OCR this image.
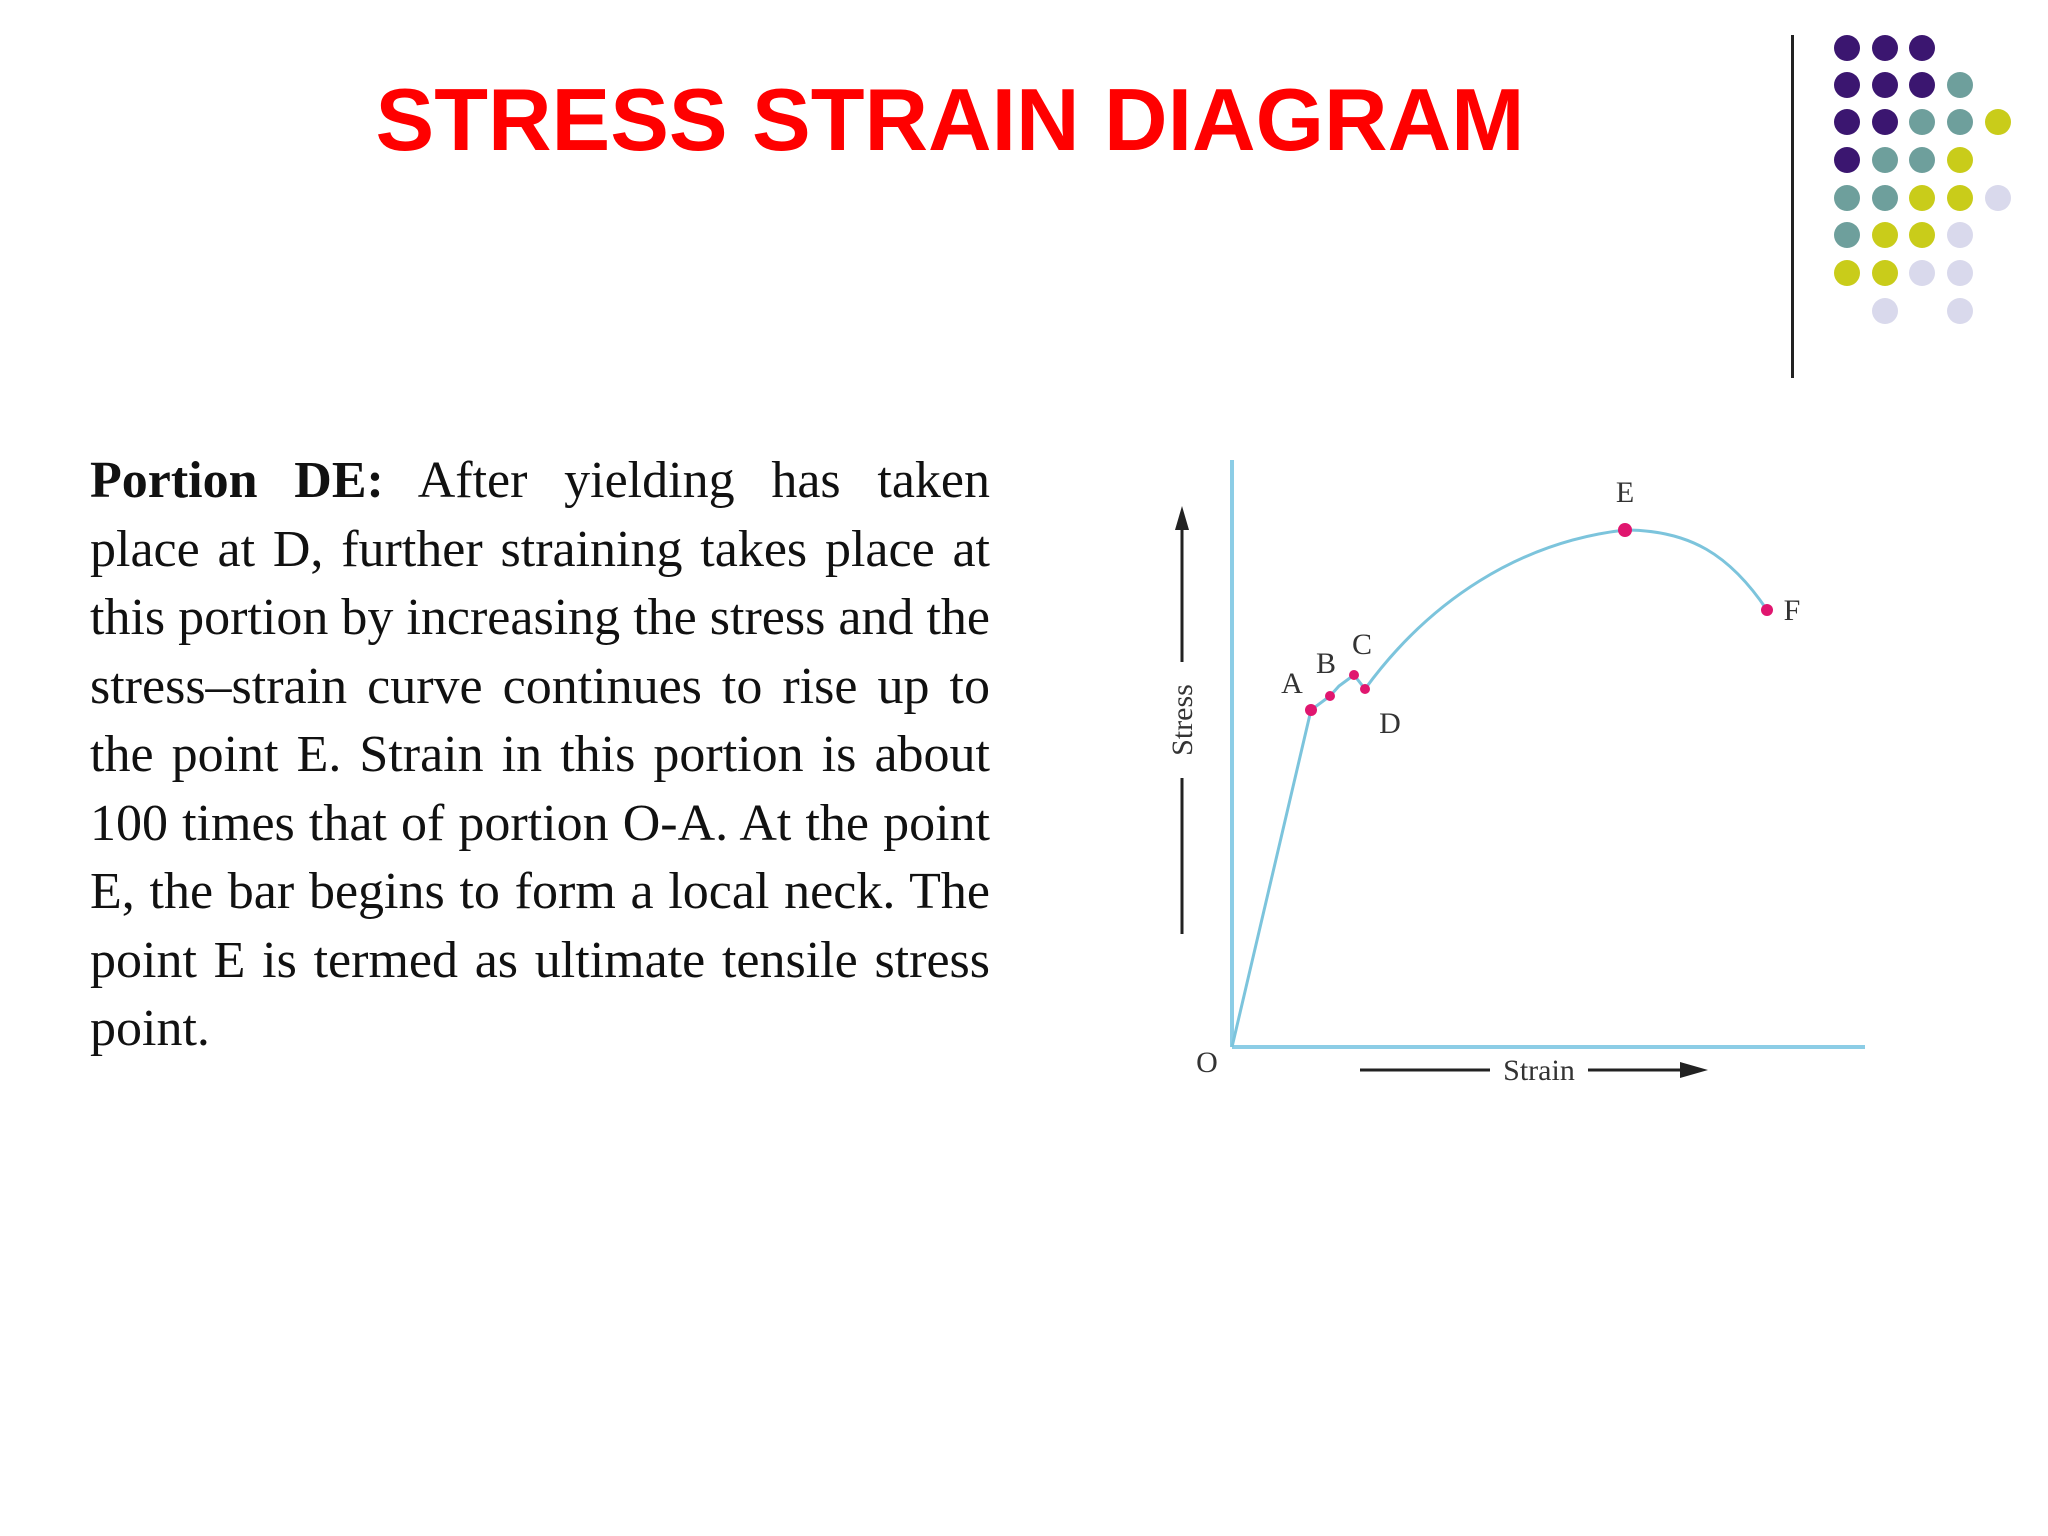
STRESS STRAIN DIAGRAM

Portion DE: After yielding has taken place at D, further straining takes place at this portion by increasing the stress and the stress–strain curve continues to rise up to the point E. Strain in this portion is about 100 times that of portion O-A. At the point E, the bar begins to form a local neck. The point E is termed as ultimate tensile stress point.

O
Stress
Strain
A
B
C
D
E
F
